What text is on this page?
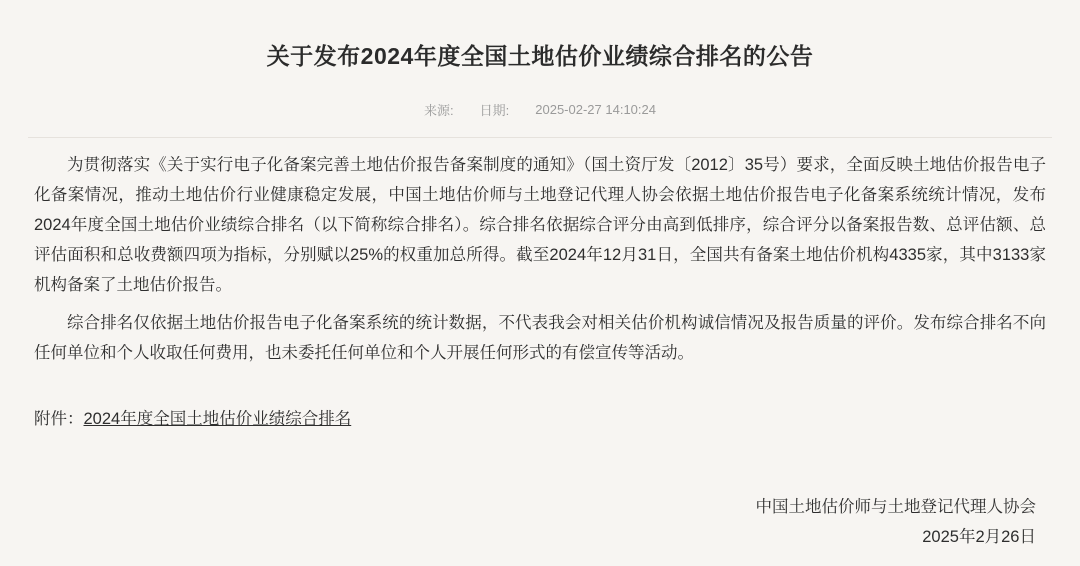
关于发布2024年度全国土地估价业绩综合排名的公告
来源: 日期: 2025-02-27 14:10:24

为贯彻落实《关于实行电子化备案完善土地估价报告备案制度的通知》（国土资厅发〔2012〕35号）要求，全面反映土地估价报告电子化备案情况，推动土地估价行业健康稳定发展，中国土地估价师与土地登记代理人协会依据土地估价报告电子化备案系统统计情况，发布2024年度全国土地估价业绩综合排名（以下简称综合排名）。综合排名依据综合评分由高到低排序，综合评分以备案报告数、总评估额、总评估面积和总收费额四项为指标，分别赋以25%的权重加总所得。截至2024年12月31日，全国共有备案土地估价机构4335家，其中3133家机构备案了土地估价报告。

综合排名仅依据土地估价报告电子化备案系统的统计数据，不代表我会对相关估价机构诚信情况及报告质量的评价。发布综合排名不向任何单位和个人收取任何费用，也未委托任何单位和个人开展任何形式的有偿宣传等活动。

附件：2024年度全国土地估价业绩综合排名
中国土地估价师与土地登记代理人协会
2025年2月26日
